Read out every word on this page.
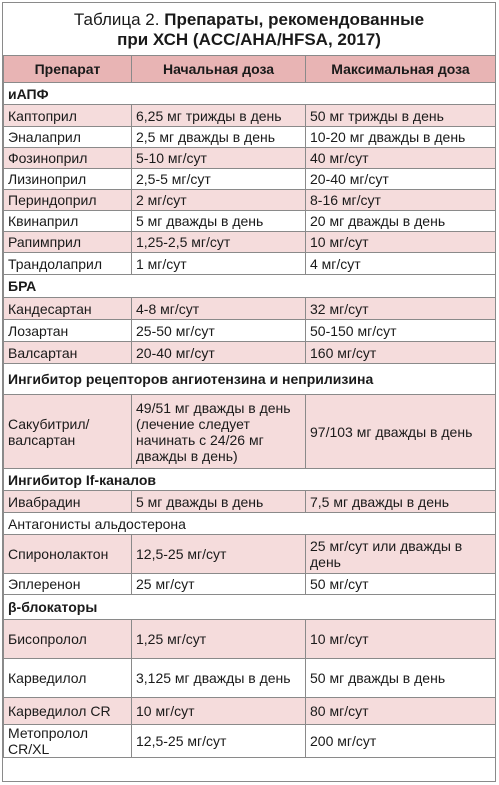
Таблица 2. Препараты, рекомендованные
при ХСН (ACC/AHA/HFSA, 2017)
Препарат	Начальная доза	Максимальная доза
иАПФ		
Каптоприл	6,25 мг трижды в день	50 мг трижды в день
Эналаприл	2,5 мг дважды в день	10-20 мг дважды в день
Фозиноприл	5-10 мг/сут	40 мг/сут
Лизиноприл	2,5-5 мг/сут	20-40 мг/сут
Периндоприл	2 мг/сут	8-16 мг/сут
Квинаприл	5 мг дважды в день	20 мг дважды в день
Рапимприл	1,25-2,5 мг/сут	10 мг/сут
Трандолаприл	1 мг/сут	4 мг/сут
БРА		
Кандесартан	4-8 мг/сут	32 мг/сут
Лозартан	25-50 мг/сут	50-150 мг/сут
Валсартан	20-40 мг/сут	160 мг/сут
Ингибитор рецепторов ангиотензина и неприлизина		
Сакубитрил/ валсартан	49/51 мг дважды в день (лечение следует начинать с 24/26 мг дважды в день)	97/103 мг дважды в день
Ингибитор If-каналов		
Ивабрадин	5 мг дважды в день	7,5 мг дважды в день
Антагонисты альдостерона		
Спиронолактон	12,5-25 мг/сут	25 мг/сут или дважды в день
Эплеренон	25 мг/сут	50 мг/сут
β-блокаторы		
Бисопролол	1,25 мг/сут	10 мг/сут
Карведилол	3,125 мг дважды в день	50 мг дважды в день
Карведилол CR	10 мг/сут	80 мг/сут
Метопролол CR/XL	12,5-25 мг/сут	200 мг/сут
